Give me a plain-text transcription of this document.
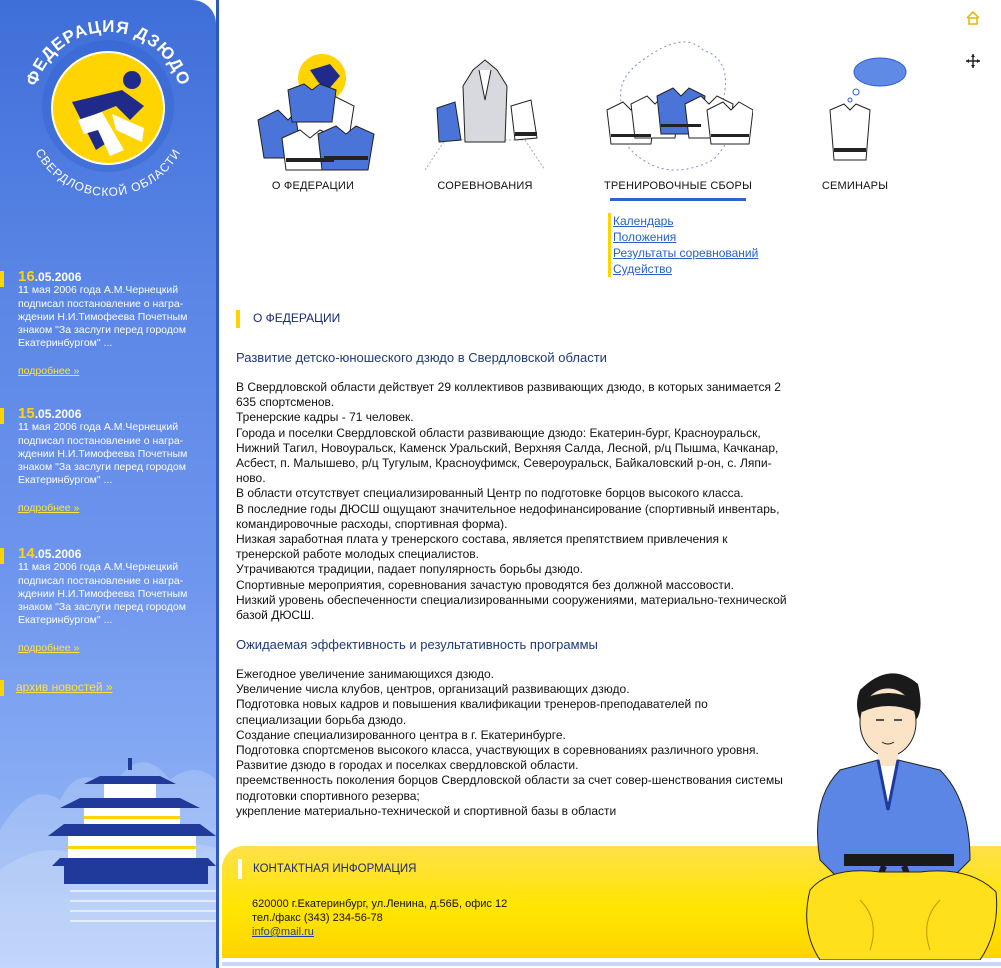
ФЕДЕРАЦИЯ ДЗЮДО
СВЕРДЛОВСКОЙ ОБЛАСТИ
16.05.2006
11 мая 2006 года А.М.Чернецкий подписал постановление о награ-ждении Н.И.Тимофеева Почетным знаком "За заслуги перед городом Екатеринбургом" ...
подробнее »
15.05.2006
11 мая 2006 года А.М.Чернецкий подписал постановление о награ-ждении Н.И.Тимофеева Почетным знаком "За заслуги перед городом Екатеринбургом" ...
подробнее »
14.05.2006
11 мая 2006 года А.М.Чернецкий подписал постановление о награ-ждении Н.И.Тимофеева Почетным знаком "За заслуги перед городом Екатеринбургом" ...
подробнее »
архив новостей »
О ФЕДЕРАЦИИ	СОРЕВНОВАНИЯ	ТРЕНИРОВОЧНЫЕ СБОРЫ	СЕМИНАРЫ
Календарь
Положения
Результаты соревнований
Судейство
О ФЕДЕРАЦИИ
Развитие детско-юношеского дзюдо в Свердловской области

В Свердловской области действует 29 коллективов развивающих дзюдо, в которых занимается 2 635 спортсменов.

Тренерские кадры - 71 человек.

Города и поселки Свердловской области развивающие дзюдо: Екатерин-бург, Красноуральск, Нижний Тагил, Новоуральск, Каменск Уральский, Верхняя Салда, Лесной, р/ц Пышма, Качканар, Асбест, п. Малышево, р/ц Тугулым, Красноуфимск, Североуральск, Байкаловский р-он, с. Ляпи-ново.

В области отсутствует специализированный Центр по подготовке борцов высокого класса.

В последние годы ДЮСШ ощущают значительное недофинансирование (спортивный инвентарь, командировочные расходы, спортивная форма).

Низкая заработная плата у тренерского состава, является препятствием привлечения к тренерской работе молодых специалистов.

Утрачиваются традиции, падает популярность борьбы дзюдо.

Спортивные мероприятия, соревнования зачастую проводятся без должной массовости.

Низкий уровень обеспеченности специализированными сооружениями, материально-технической базой ДЮСШ.

Ожидаемая эффективность и результативность программы

Ежегодное увеличение занимающихся дзюдо.

Увеличение числа клубов, центров, организаций развивающих дзюдо.

Подготовка новых кадров и повышения квалификации тренеров-преподавателей по специализации борьба дзюдо.

Создание специализированного центра в г. Екатеринбурге.

Подготовка спортсменов высокого класса, участвующих в соревнованиях различного уровня.

Развитие дзюдо в городах и поселках свердловской области.

преемственность поколения борцов Свердловской области за счет совер-шенствования системы подготовки спортивного резерва;

укрепление материально-технической и спортивной базы в области

КОНТАКТНАЯ ИНФОРМАЦИЯ
620000 г.Екатеринбург, ул.Ленина, д.56Б, офис 12
тел./факс (343) 234-56-78
info@mail.ru
